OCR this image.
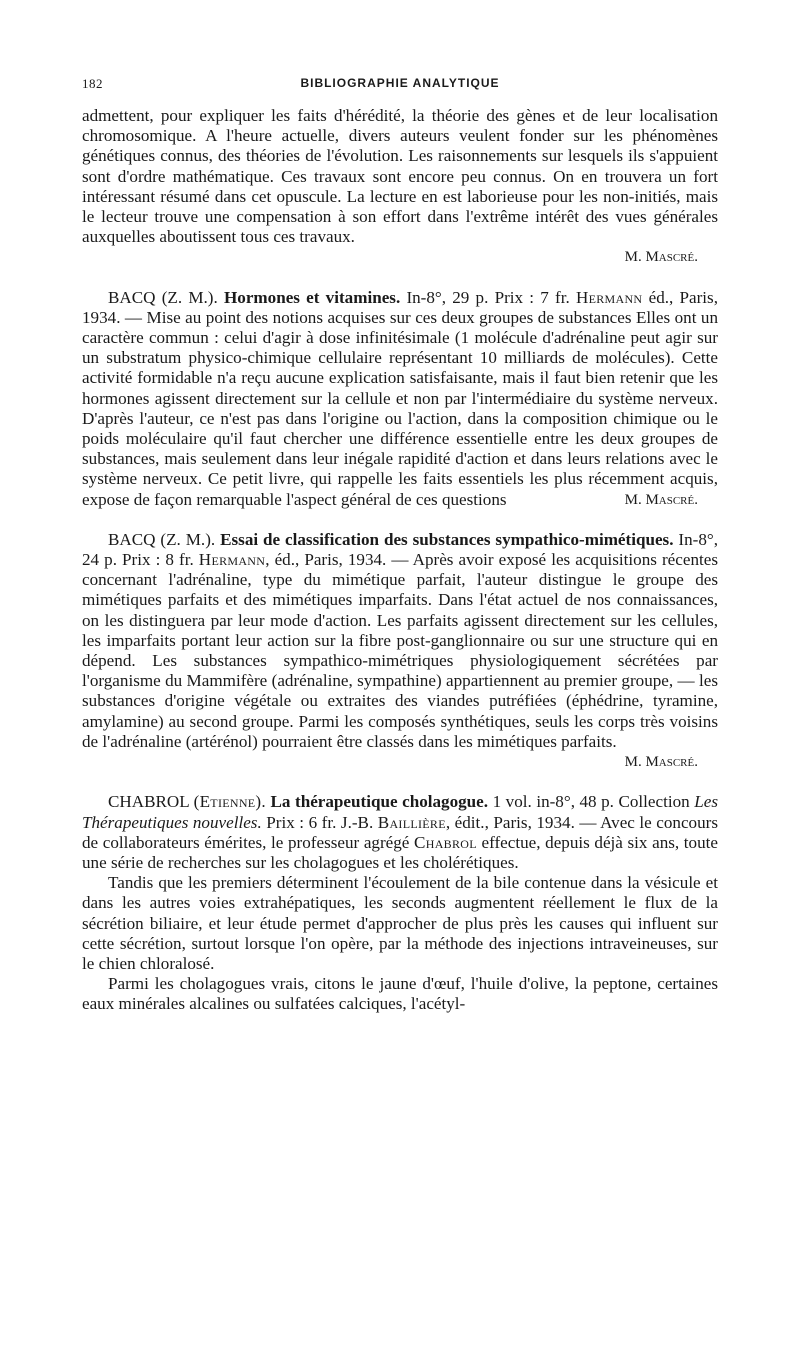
182	BIBLIOGRAPHIE ANALYTIQUE

admettent, pour expliquer les faits d'hérédité, la théorie des gènes et de leur localisation chromosomique. A l'heure actuelle, divers auteurs veulent fonder sur les phénomènes génétiques connus, des théories de l'évolution. Les raisonnements sur lesquels ils s'appuient sont d'ordre mathématique. Ces travaux sont encore peu connus. On en trouvera un fort intéressant résumé dans cet opuscule. La lecture en est laborieuse pour les non-initiés, mais le lecteur trouve une compensation à son effort dans l'extrême intérêt des vues générales auxquelles aboutissent tous ces travaux.

M. Mascré.

BACQ (Z. M.). Hormones et vitamines. In-8°, 29 p. Prix : 7 fr. Hermann éd., Paris, 1934. — Mise au point des notions acquises sur ces deux groupes de substances Elles ont un caractère commun : celui d'agir à dose infinitésimale (1 molécule d'adrénaline peut agir sur un substratum physico-chimique cellulaire représentant 10 milliards de molécules). Cette activité formidable n'a reçu aucune explication satisfaisante, mais il faut bien retenir que les hormones agissent directement sur la cellule et non par l'intermédiaire du système nerveux. D'après l'auteur, ce n'est pas dans l'origine ou l'action, dans la composition chimique ou le poids moléculaire qu'il faut chercher une différence essentielle entre les deux groupes de substances, mais seulement dans leur inégale rapidité d'action et dans leurs relations avec le système nerveux. Ce petit livre, qui rappelle les faits essentiels les plus récemment acquis, expose de façon remarquable l'aspect général de ces questions	M. Mascré.

BACQ (Z. M.). Essai de classification des substances sympathico-mimétiques. In-8°, 24 p. Prix : 8 fr. Hermann, éd., Paris, 1934. — Après avoir exposé les acquisitions récentes concernant l'adrénaline, type du mimétique parfait, l'auteur distingue le groupe des mimétiques parfaits et des mimétiques imparfaits. Dans l'état actuel de nos connaissances, on les distinguera par leur mode d'action. Les parfaits agissent directement sur les cellules, les imparfaits portant leur action sur la fibre post-ganglionnaire ou sur une structure qui en dépend. Les substances sympathico-mimétriques physiologiquement sécrétées par l'organisme du Mammifère (adrénaline, sympathine) appartiennent au premier groupe, — les substances d'origine végétale ou extraites des viandes putréfiées (éphédrine, tyramine, amylamine) au second groupe. Parmi les composés synthétiques, seuls les corps très voisins de l'adrénaline (artérénol) pourraient être classés dans les mimétiques parfaits.
M. Mascré.

CHABROL (Etienne). La thérapeutique cholagogue. 1 vol. in-8°, 48 p. Collection Les Thérapeutiques nouvelles. Prix : 6 fr. J.-B. Baillière, édit., Paris, 1934. — Avec le concours de collaborateurs émérites, le professeur agrégé Chabrol effectue, depuis déjà six ans, toute une série de recherches sur les cholagogues et les cholérétiques.

Tandis que les premiers déterminent l'écoulement de la bile contenue dans la vésicule et dans les autres voies extrahépatiques, les seconds augmentent réellement le flux de la sécrétion biliaire, et leur étude permet d'approcher de plus près les causes qui influent sur cette sécrétion, surtout lorsque l'on opère, par la méthode des injections intraveineuses, sur le chien chloralosé.

Parmi les cholagogues vrais, citons le jaune d'œuf, l'huile d'olive, la peptone, certaines eaux minérales alcalines ou sulfatées calciques, l'acétyl-
